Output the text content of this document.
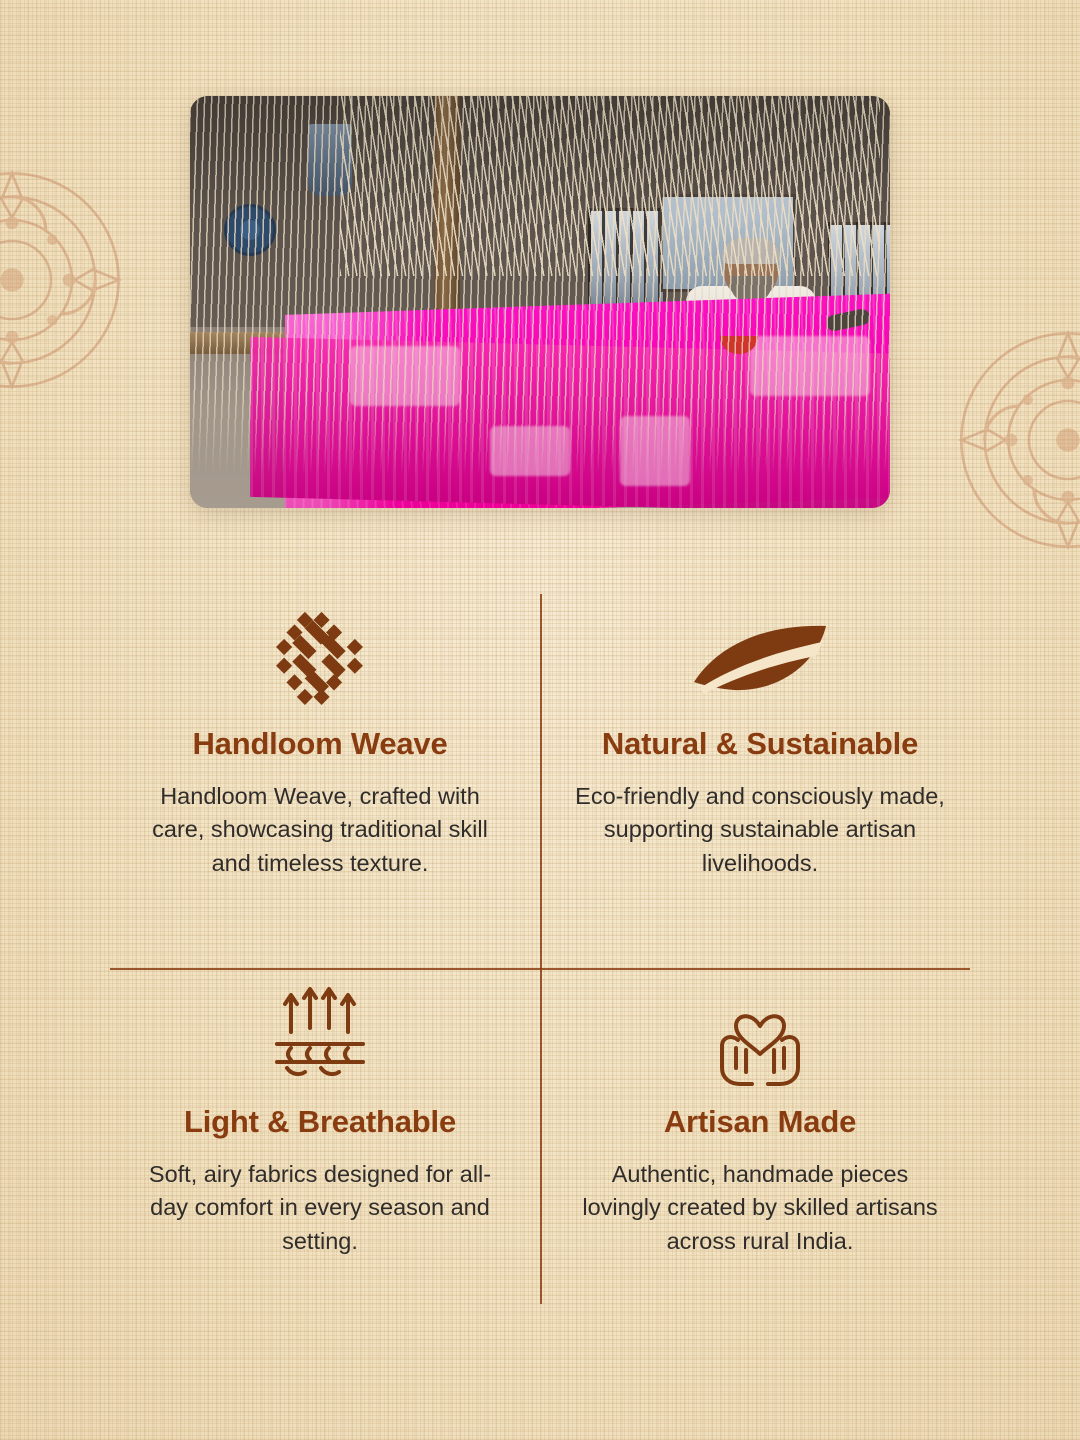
Handloom Weave
Handloom Weave, crafted with care, showcasing traditional skill and timeless texture.
Natural & Sustainable
Eco-friendly and consciously made, supporting sustainable artisan livelihoods.
Light & Breathable
Soft, airy fabrics designed for all-day comfort in every season and setting.
Artisan Made
Authentic, handmade pieces lovingly created by skilled artisans across rural India.
